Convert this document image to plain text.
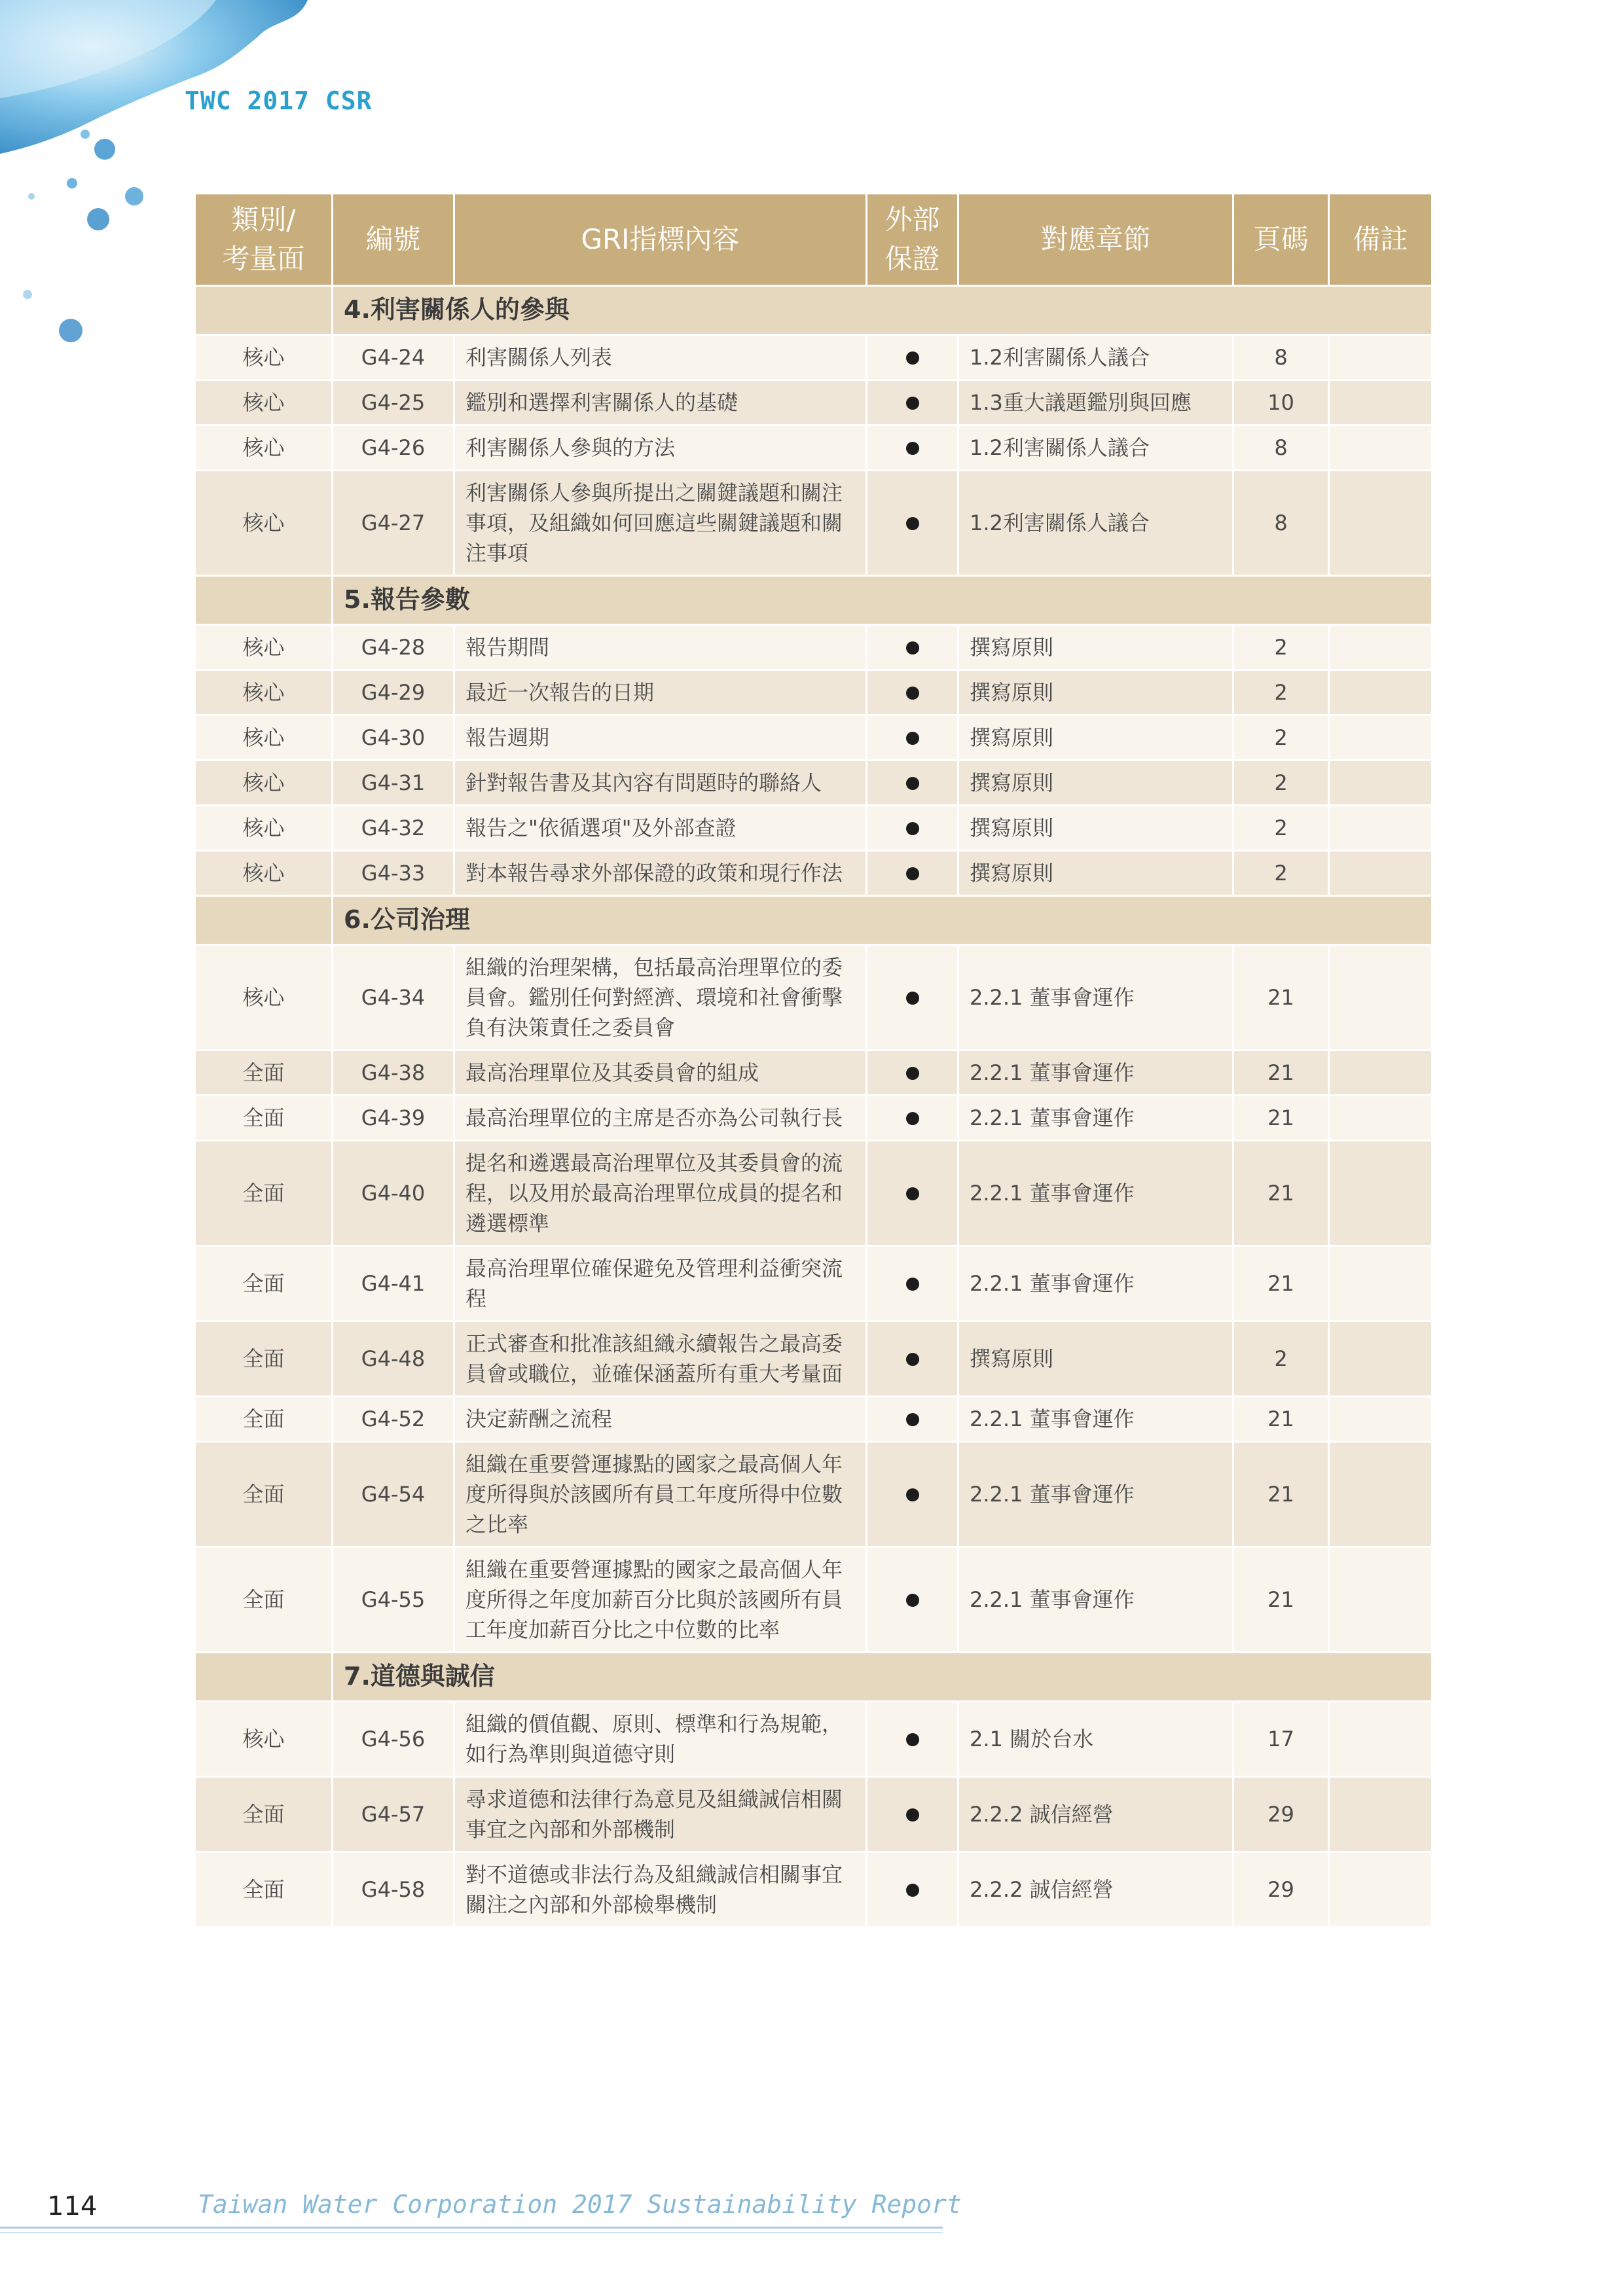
TWC 2017 CSR
類別/
考量面	編號	GRI指標內容	外部
保證	對應章節	頁碼	備註
	4.利害關係人的參與					
核心	G4-24	利害關係人列表		1.2利害關係人議合	8	
核心	G4-25	鑑別和選擇利害關係人的基礎		1.3重大議題鑑別與回應	10	
核心	G4-26	利害關係人參與的方法		1.2利害關係人議合	8	
核心	G4-27	利害關係人參與所提出之關鍵議題和關注事項，及組織如何回應這些關鍵議題和關注事項		1.2利害關係人議合	8	
	5.報告參數					
核心	G4-28	報告期間		撰寫原則	2	
核心	G4-29	最近一次報告的日期		撰寫原則	2	
核心	G4-30	報告週期		撰寫原則	2	
核心	G4-31	針對報告書及其內容有問題時的聯絡人		撰寫原則	2	
核心	G4-32	報告之"依循選項"及外部查證		撰寫原則	2	
核心	G4-33	對本報告尋求外部保證的政策和現行作法		撰寫原則	2	
	6.公司治理					
核心	G4-34	組織的治理架構，包括最高治理單位的委員會。鑑別任何對經濟、環境和社會衝擊負有決策責任之委員會		2.2.1 董事會運作	21	
全面	G4-38	最高治理單位及其委員會的組成		2.2.1 董事會運作	21	
全面	G4-39	最高治理單位的主席是否亦為公司執行長		2.2.1 董事會運作	21	
全面	G4-40	提名和遴選最高治理單位及其委員會的流程，以及用於最高治理單位成員的提名和遴選標準		2.2.1 董事會運作	21	
全面	G4-41	最高治理單位確保避免及管理利益衝突流程		2.2.1 董事會運作	21	
全面	G4-48	正式審查和批准該組織永續報告之最高委員會或職位，並確保涵蓋所有重大考量面		撰寫原則	2	
全面	G4-52	決定薪酬之流程		2.2.1 董事會運作	21	
全面	G4-54	組織在重要營運據點的國家之最高個人年度所得與於該國所有員工年度所得中位數之比率		2.2.1 董事會運作	21	
全面	G4-55	組織在重要營運據點的國家之最高個人年度所得之年度加薪百分比與於該國所有員工年度加薪百分比之中位數的比率		2.2.1 董事會運作	21	
	7.道德與誠信					
核心	G4-56	組織的價值觀、原則、標準和行為規範，如行為準則與道德守則		2.1 關於台水	17	
全面	G4-57	尋求道德和法律行為意見及組織誠信相關事宜之內部和外部機制		2.2.2 誠信經營	29	
全面	G4-58	對不道德或非法行為及組織誠信相關事宜關注之內部和外部檢舉機制		2.2.2 誠信經營	29	
114	Taiwan Water Corporation 2017 Sustainability Report
